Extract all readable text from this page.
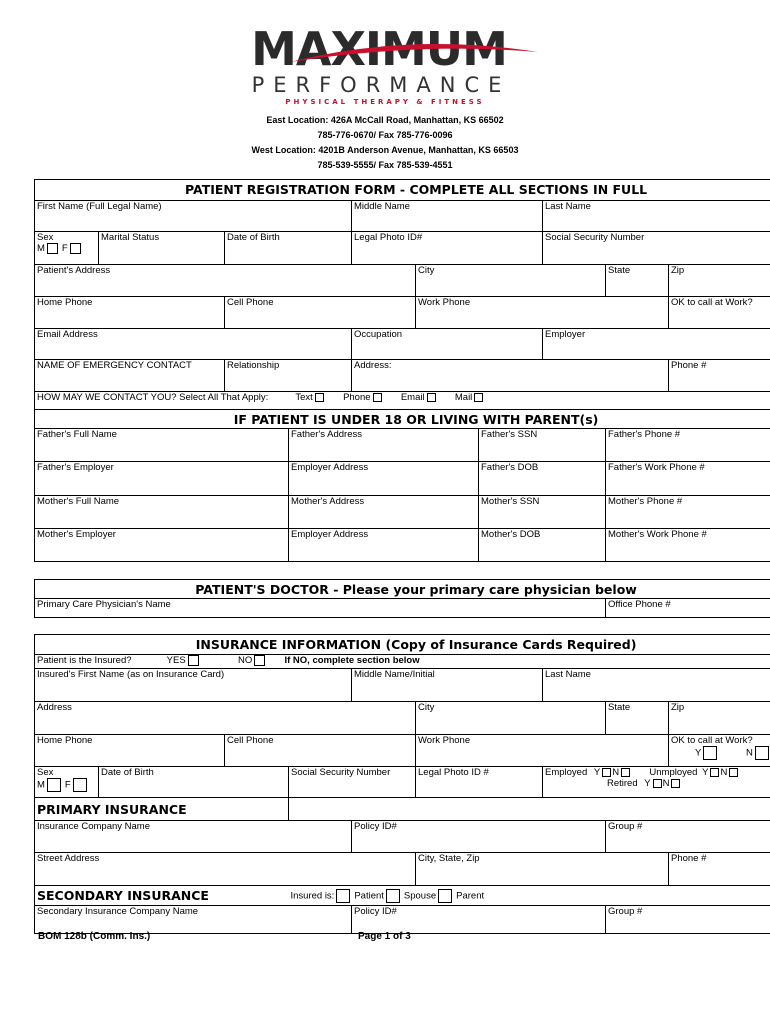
MAXIMUM
PERFORMANCE
PHYSICAL THERAPY & FITNESS
East Location: 426A McCall Road, Manhattan, KS 66502
785-776-0670/ Fax 785-776-0096
West Location: 4201B Anderson Avenue, Manhattan, KS 66503
785-539-5555/ Fax 785-539-4551
PATIENT REGISTRATION FORM - COMPLETE ALL SECTIONS IN FULL									
First Name (Full Legal Name)				Middle Name			Last Name		
Sex
M F	Marital Status	Date of Birth		Legal Photo ID#			Social Security Number		
Patient's Address					City			State	Zip
Home Phone		Cell Phone			Work Phone				OK to call at Work?
Email Address				Occupation			Employer		
NAME OF EMERGENCY CONTACT		Relationship		Address:					Phone #
HOW MAY WE CONTACT YOU? Select All That Apply: Text Phone Email Mail									
IF PATIENT IS UNDER 18 OR LIVING WITH PARENT(s)									
Father's Full Name			Father's Address			Father's SSN		Father's Phone #	
Father's Employer			Employer Address			Father's DOB		Father's Work Phone #	
Mother's Full Name			Mother's Address			Mother's SSN		Mother's Phone #	
Mother's Employer			Employer Address			Mother's DOB		Mother's Work Phone #	

PATIENT'S DOCTOR - Please your primary care physician below									
Primary Care Physician's Name								Office Phone #	

INSURANCE INFORMATION (Copy of Insurance Cards Required)									
Patient is the Insured? YES NO If NO, complete section below									
Insured's First Name (as on Insurance Card)				Middle Name/Initial			Last Name		
Address					City			State	Zip
Home Phone		Cell Phone			Work Phone				OK to call at Work?
Y N
Sex
M F	Date of Birth		Social Security Number		Legal Photo ID #		Employed Y N Unmployed Y N
Retired Y N		
PRIMARY INSURANCE									
Insurance Company Name				Policy ID#				Group #	
Street Address					City, State, Zip				Phone #
SECONDARY INSURANCE			Insured is: Patient Spouse Parent						
Secondary Insurance Company Name				Policy ID#				Group #	
BOM 128b (Comm. Ins.)	Page 1 of 3
